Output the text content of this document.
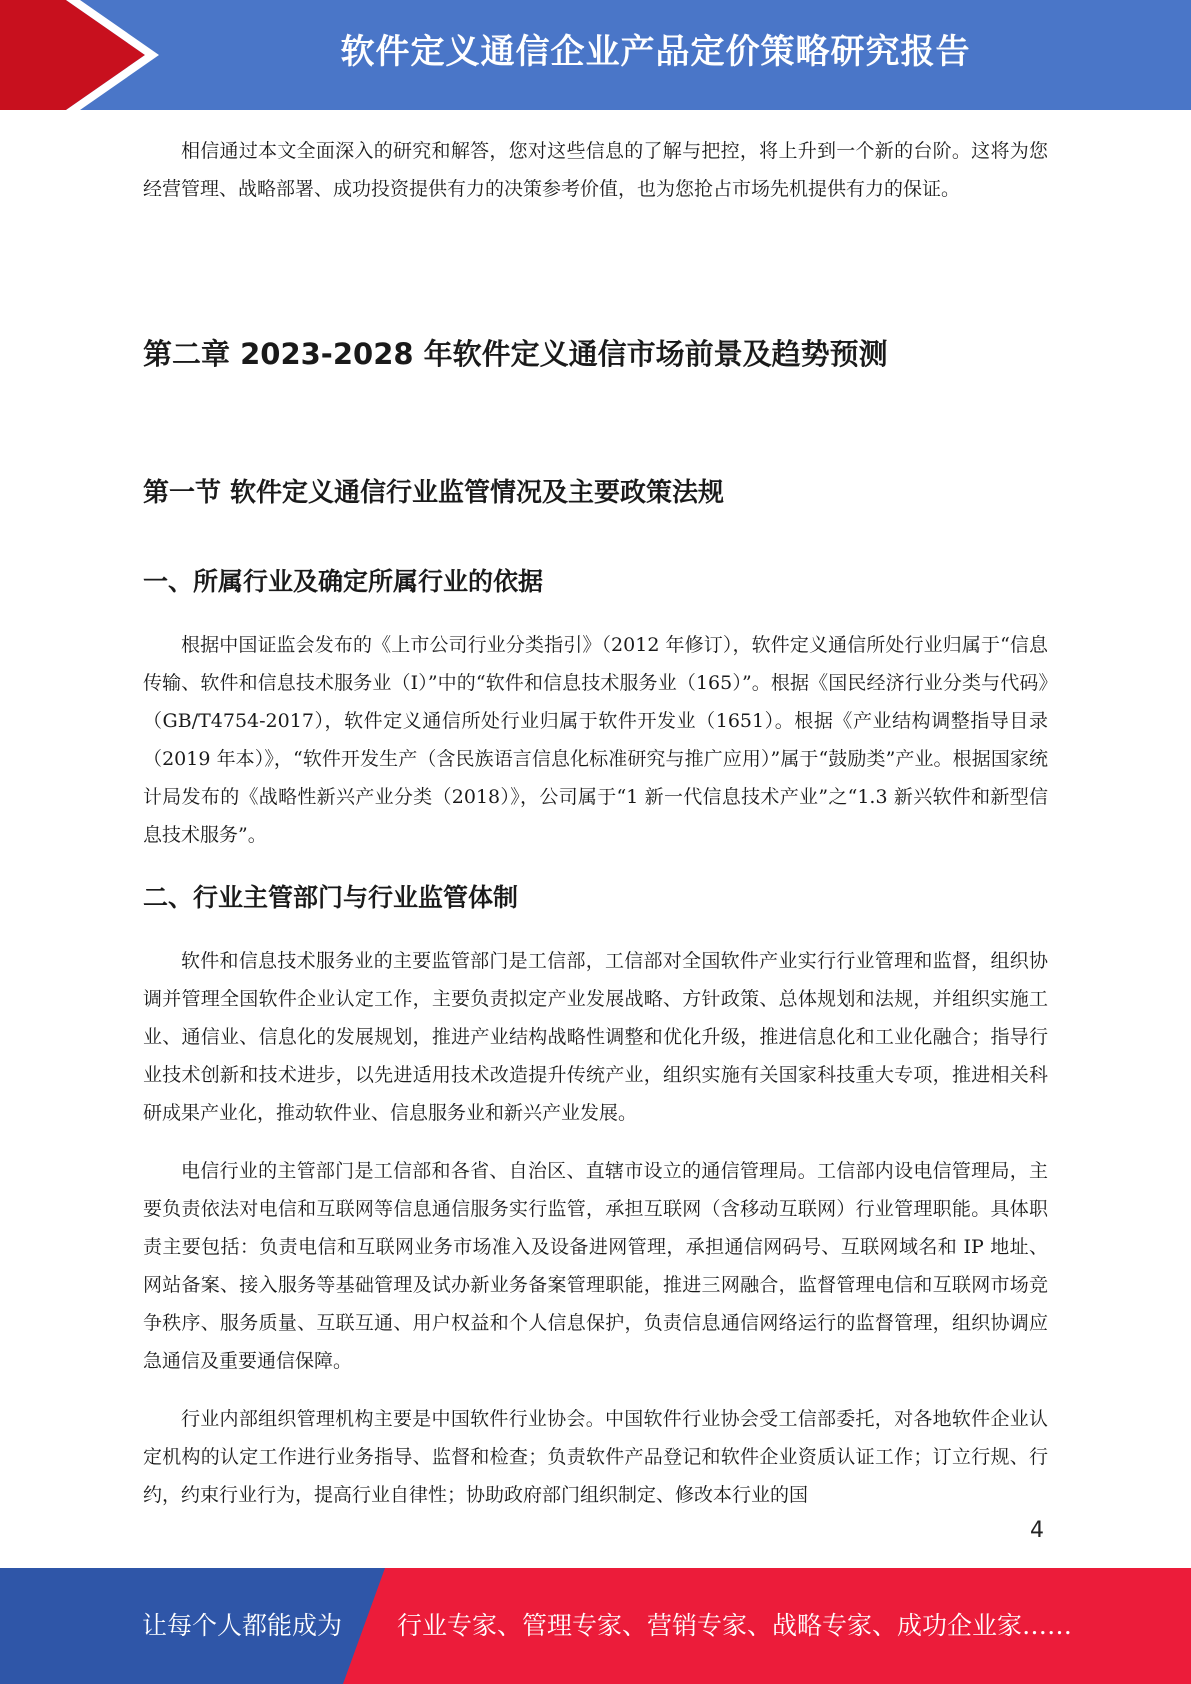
软件定义通信企业产品定价策略研究报告

相信通过本文全面深入的研究和解答，您对这些信息的了解与把控，将上升到一个新的台阶。这将为您经营管理、战略部署、成功投资提供有力的决策参考价值，也为您抢占市场先机提供有力的保证。

第二章 2023-2028 年软件定义通信市场前景及趋势预测
第一节 软件定义通信行业监管情况及主要政策法规
一、所属行业及确定所属行业的依据

根据中国证监会发布的《上市公司行业分类指引》（2012 年修订），软件定义通信所处行业归属于“信息传输、软件和信息技术服务业（I）”中的“软件和信息技术服务业（165）”。根据《国民经济行业分类与代码》（GB/T4754-2017），软件定义通信所处行业归属于软件开发业（1651）。根据《产业结构调整指导目录（2019 年本）》，“软件开发生产（含民族语言信息化标准研究与推广应用）”属于“鼓励类”产业。根据国家统计局发布的《战略性新兴产业分类（2018）》，公司属于“1 新一代信息技术产业”之“1.3 新兴软件和新型信息技术服务”。

二、行业主管部门与行业监管体制

软件和信息技术服务业的主要监管部门是工信部，工信部对全国软件产业实行行业管理和监督，组织协调并管理全国软件企业认定工作，主要负责拟定产业发展战略、方针政策、总体规划和法规，并组织实施工业、通信业、信息化的发展规划，推进产业结构战略性调整和优化升级，推进信息化和工业化融合；指导行业技术创新和技术进步，以先进适用技术改造提升传统产业，组织实施有关国家科技重大专项，推进相关科研成果产业化，推动软件业、信息服务业和新兴产业发展。

电信行业的主管部门是工信部和各省、自治区、直辖市设立的通信管理局。工信部内设电信管理局，主要负责依法对电信和互联网等信息通信服务实行监管，承担互联网（含移动互联网）行业管理职能。具体职责主要包括：负责电信和互联网业务市场准入及设备进网管理，承担通信网码号、互联网域名和 IP 地址、网站备案、接入服务等基础管理及试办新业务备案管理职能，推进三网融合，监督管理电信和互联网市场竞争秩序、服务质量、互联互通、用户权益和个人信息保护，负责信息通信网络运行的监督管理，组织协调应急通信及重要通信保障。

行业内部组织管理机构主要是中国软件行业协会。中国软件行业协会受工信部委托，对各地软件企业认定机构的认定工作进行业务指导、监督和检查；负责软件产品登记和软件企业资质认证工作；订立行规、行约，约束行业行为，提高行业自律性；协助政府部门组织制定、修改本行业的国

4
让每个人都能成为 行业专家、管理专家、营销专家、战略专家、成功企业家……
